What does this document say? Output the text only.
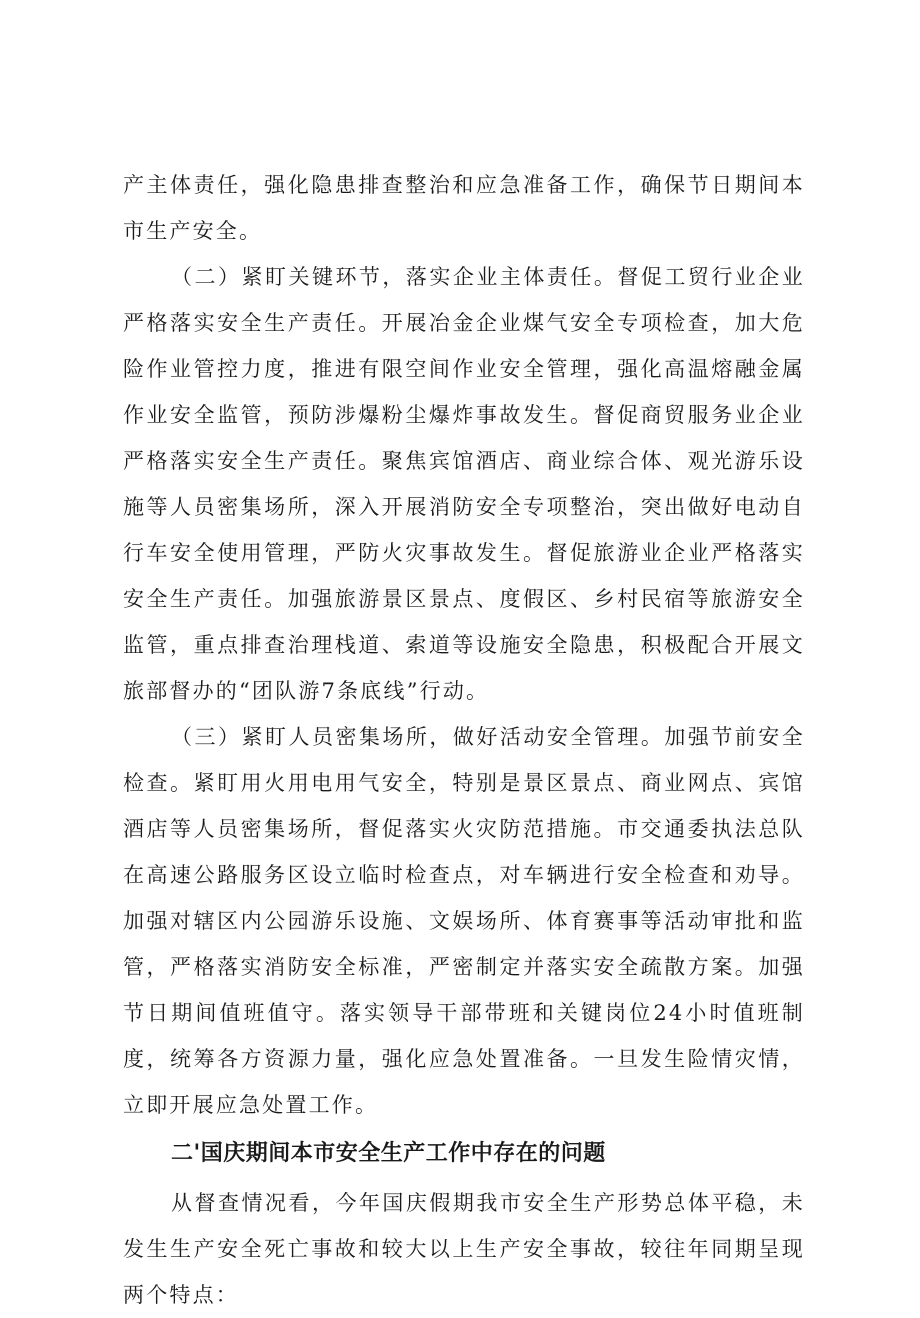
产主体责任，强化隐患排查整治和应急准备工作，确保节日期间本市生产安全。

（二）紧盯关键环节，落实企业主体责任。督促工贸行业企业严格落实安全生产责任。开展冶金企业煤气安全专项检查，加大危险作业管控力度，推进有限空间作业安全管理，强化高温熔融金属作业安全监管，预防涉爆粉尘爆炸事故发生。督促商贸服务业企业严格落实安全生产责任。聚焦宾馆酒店、商业综合体、观光游乐设施等人员密集场所，深入开展消防安全专项整治，突出做好电动自行车安全使用管理，严防火灾事故发生。督促旅游业企业严格落实安全生产责任。加强旅游景区景点、度假区、乡村民宿等旅游安全监管，重点排查治理栈道、索道等设施安全隐患，积极配合开展文旅部督办的“团队游7条底线”行动。

（三）紧盯人员密集场所，做好活动安全管理。加强节前安全检查。紧盯用火用电用气安全，特别是景区景点、商业网点、宾馆酒店等人员密集场所，督促落实火灾防范措施。市交通委执法总队在高速公路服务区设立临时检查点，对车辆进行安全检查和劝导。加强对辖区内公园游乐设施、文娱场所、体育赛事等活动审批和监管，严格落实消防安全标准，严密制定并落实安全疏散方案。加强节日期间值班值守。落实领导干部带班和关键岗位24小时值班制度，统筹各方资源力量，强化应急处置准备。一旦发生险情灾情，立即开展应急处置工作。

二'国庆期间本市安全生产工作中存在的问题

从督查情况看，今年国庆假期我市安全生产形势总体平稳，未发生生产安全死亡事故和较大以上生产安全事故，较往年同期呈现两个特点：
